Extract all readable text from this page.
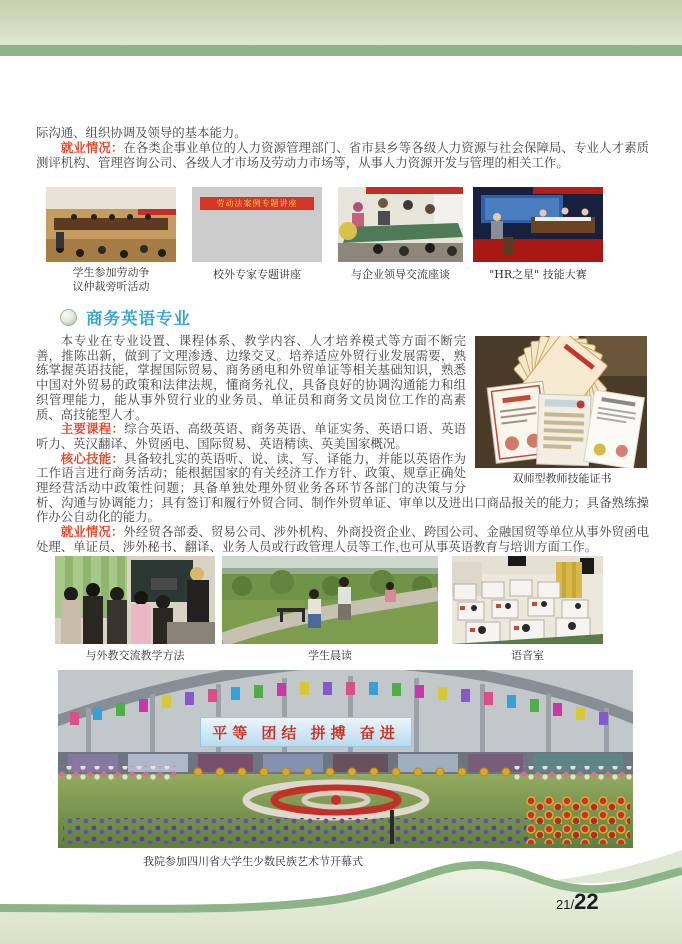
际沟通、组织协调及领导的基本能力。

就业情况：在各类企事业单位的人力资源管理部门、省市县乡等各级人力资源与社会保障局、专业人才素质测评机构、管理咨询公司、各级人才市场及劳动力市场等，从事人力资源开发与管理的相关工作。

劳动法案例专题讲座
学生参加劳动争
议仲裁旁听活动
校外专家专题讲座	与企业领导交流座谈	"HR之星" 技能大赛
商务英语专业
双师型教师技能证书

本专业在专业设置、课程体系、教学内容、人才培养模式等方面不断完善，推陈出新，做到了文理渗透、边缘交叉。培养适应外贸行业发展需要，熟练掌握英语技能，掌握国际贸易、商务函电和外贸单证等相关基础知识，熟悉中国对外贸易的政策和法律法规，懂商务礼仪，具备良好的协调沟通能力和组织管理能力，能从事外贸行业的业务员、单证员和商务文员岗位工作的高素质、高技能型人才。

主要课程：综合英语、高级英语、商务英语、单证实务、英语口语、英语听力、英汉翻译、外贸函电、国际贸易、英语精读、英美国家概况。

核心技能：具备较扎实的英语听、说、读、写、译能力，并能以英语作为工作语言进行商务活动；能根据国家的有关经济工作方针、政策、规章正确处理经营活动中政策性问题；具备单独处理外贸业务各环节各部门的决策与分析、沟通与协调能力；具有签订和履行外贸合同、制作外贸单证、审单以及进出口商品报关的能力；具备熟练操作办公自动化的能力。

就业情况：外经贸各部委、贸易公司、涉外机构、外商投资企业、跨国公司、金融国贸等单位从事外贸函电处理、单证员、涉外秘书、翻译、业务人员或行政管理人员等工作,也可从事英语教育与培训方面工作。

与外教交流教学方法	学生晨读	语音室
平等 团结 拼搏 奋进
我院参加四川省大学生少数民族艺术节开幕式
21/22
